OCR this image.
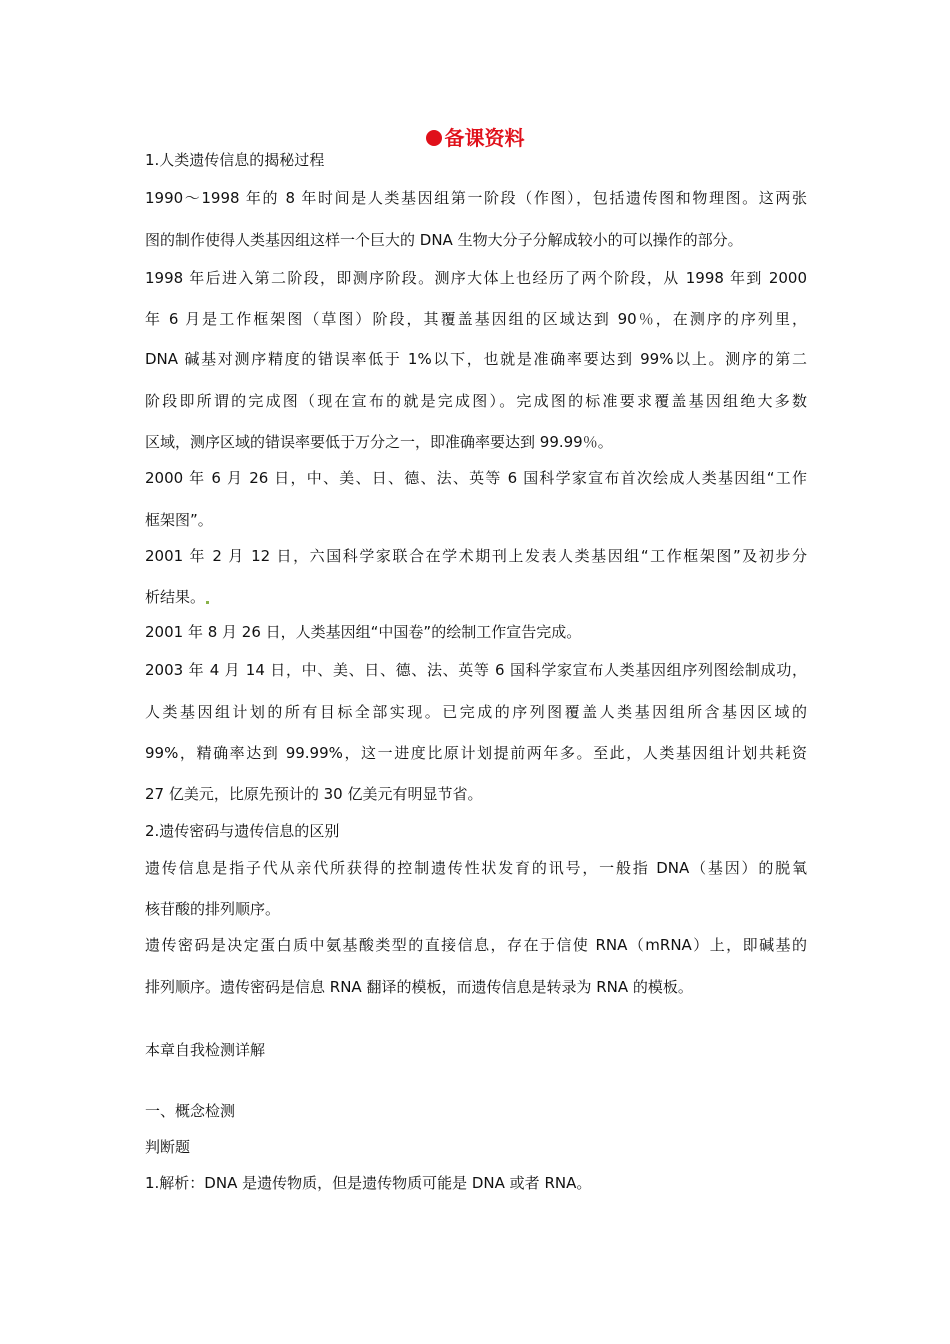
备课资料
1.人类遗传信息的揭秘过程
1990～1998 年的 8 年时间是人类基因组第一阶段（作图），包括遗传图和物理图。这两张
图的制作使得人类基因组这样一个巨大的 DNA 生物大分子分解成较小的可以操作的部分。
1998 年后进入第二阶段，即测序阶段。测序大体上也经历了两个阶段，从 1998 年到 2000
年 6 月是工作框架图（草图）阶段，其覆盖基因组的区域达到 90％，在测序的序列里，
DNA 碱基对测序精度的错误率低于 1%以下，也就是准确率要达到 99%以上。测序的第二
阶段即所谓的完成图（现在宣布的就是完成图）。完成图的标准要求覆盖基因组绝大多数
区域，测序区域的错误率要低于万分之一，即准确率要达到 99.99％。
2000 年 6 月 26 日，中、美、日、德、法、英等 6 国科学家宣布首次绘成人类基因组“工作
框架图”。
2001 年 2 月 12 日，六国科学家联合在学术期刊上发表人类基因组“工作框架图”及初步分
析结果。
2001 年 8 月 26 日，人类基因组“中国卷”的绘制工作宣告完成。
2003 年 4 月 14 日，中、美、日、德、法、英等 6 国科学家宣布人类基因组序列图绘制成功，
人类基因组计划的所有目标全部实现。已完成的序列图覆盖人类基因组所含基因区域的
99%，精确率达到 99.99%，这一进度比原计划提前两年多。至此，人类基因组计划共耗资
27 亿美元，比原先预计的 30 亿美元有明显节省。
2.遗传密码与遗传信息的区别
遗传信息是指子代从亲代所获得的控制遗传性状发育的讯号，一般指 DNA（基因）的脱氧
核苷酸的排列顺序。
遗传密码是决定蛋白质中氨基酸类型的直接信息，存在于信使 RNA（mRNA）上，即碱基的
排列顺序。遗传密码是信息 RNA 翻译的模板，而遗传信息是转录为 RNA 的模板。
本章自我检测详解
一、概念检测
判断题
1.解析：DNA 是遗传物质，但是遗传物质可能是 DNA 或者 RNA。
